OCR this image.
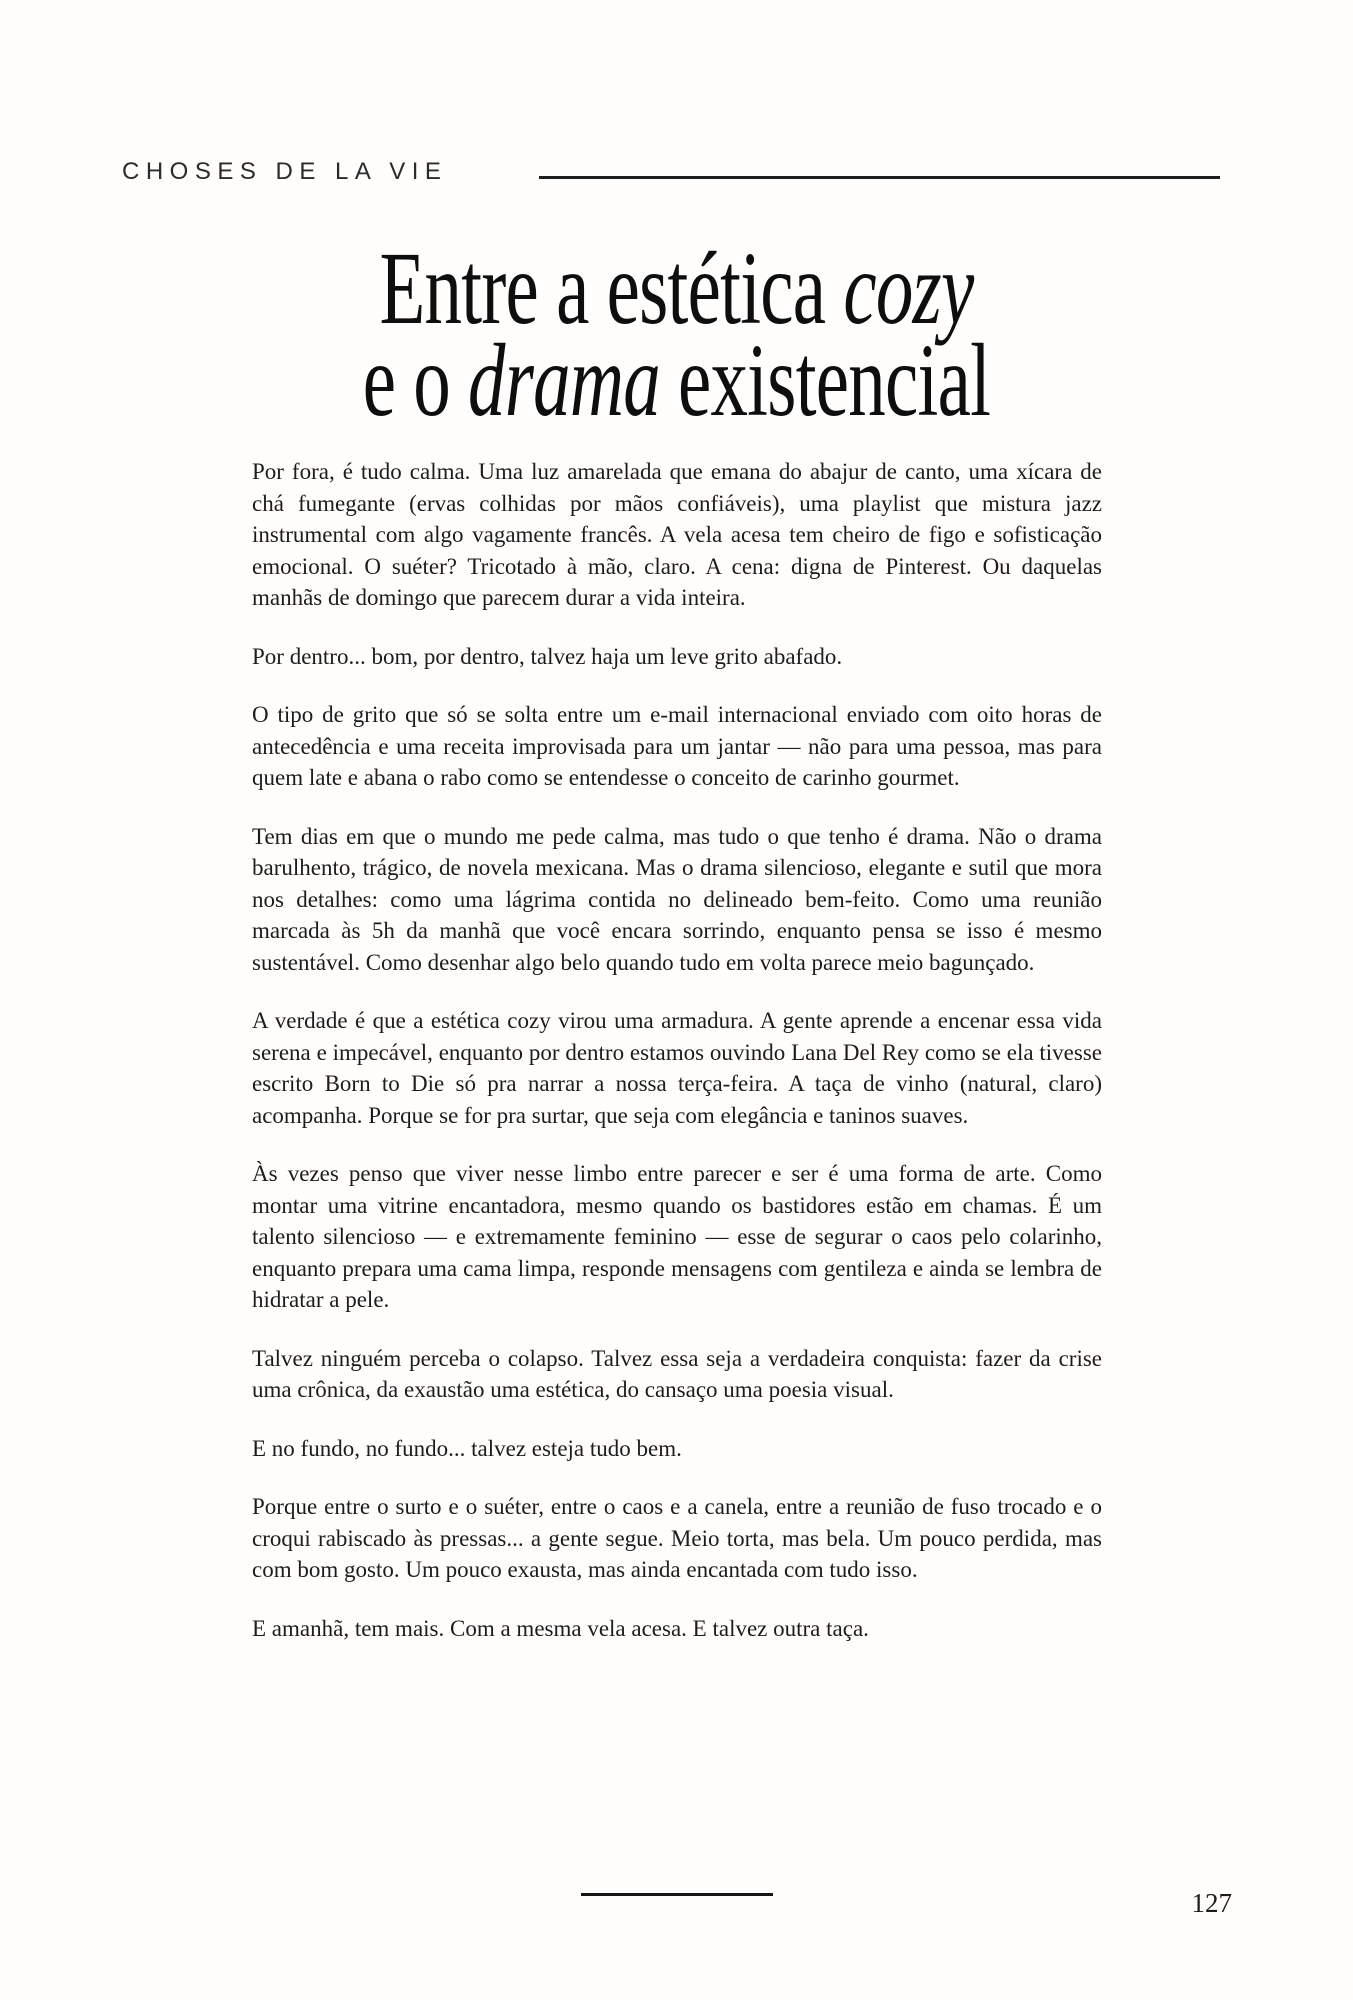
CHOSES DE LA VIE
Entre a estética cozy
e o drama existencial

Por fora, é tudo calma. Uma luz amarelada que emana do abajur de canto, uma xícara de chá fumegante (ervas colhidas por mãos confiáveis), uma playlist que mistura jazz instrumental com algo vagamente francês. A vela acesa tem cheiro de figo e sofisticação emocional. O suéter? Tricotado à mão, claro. A cena: digna de Pinterest. Ou daquelas manhãs de domingo que parecem durar a vida inteira.

Por dentro... bom, por dentro, talvez haja um leve grito abafado.

O tipo de grito que só se solta entre um e-mail internacional enviado com oito horas de antecedência e uma receita improvisada para um jantar — não para uma pessoa, mas para quem late e abana o rabo como se entendesse o conceito de carinho gourmet.

Tem dias em que o mundo me pede calma, mas tudo o que tenho é drama. Não o drama barulhento, trágico, de novela mexicana. Mas o drama silencioso, elegante e sutil que mora nos detalhes: como uma lágrima contida no delineado bem-feito. Como uma reunião marcada às 5h da manhã que você encara sorrindo, enquanto pensa se isso é mesmo sustentável. Como desenhar algo belo quando tudo em volta parece meio bagunçado.

A verdade é que a estética cozy virou uma armadura. A gente aprende a encenar essa vida serena e impecável, enquanto por dentro estamos ouvindo Lana Del Rey como se ela tivesse escrito Born to Die só pra narrar a nossa terça-feira. A taça de vinho (natural, claro) acompanha. Porque se for pra surtar, que seja com elegância e taninos suaves.

Às vezes penso que viver nesse limbo entre parecer e ser é uma forma de arte. Como montar uma vitrine encantadora, mesmo quando os bastidores estão em chamas. É um talento silencioso — e extremamente feminino — esse de segurar o caos pelo colarinho, enquanto prepara uma cama limpa, responde mensagens com gentileza e ainda se lembra de hidratar a pele.

Talvez ninguém perceba o colapso. Talvez essa seja a verdadeira conquista: fazer da crise uma crônica, da exaustão uma estética, do cansaço uma poesia visual.

E no fundo, no fundo... talvez esteja tudo bem.

Porque entre o surto e o suéter, entre o caos e a canela, entre a reunião de fuso trocado e o croqui rabiscado às pressas... a gente segue. Meio torta, mas bela. Um pouco perdida, mas com bom gosto. Um pouco exausta, mas ainda encantada com tudo isso.

E amanhã, tem mais. Com a mesma vela acesa. E talvez outra taça.

127
